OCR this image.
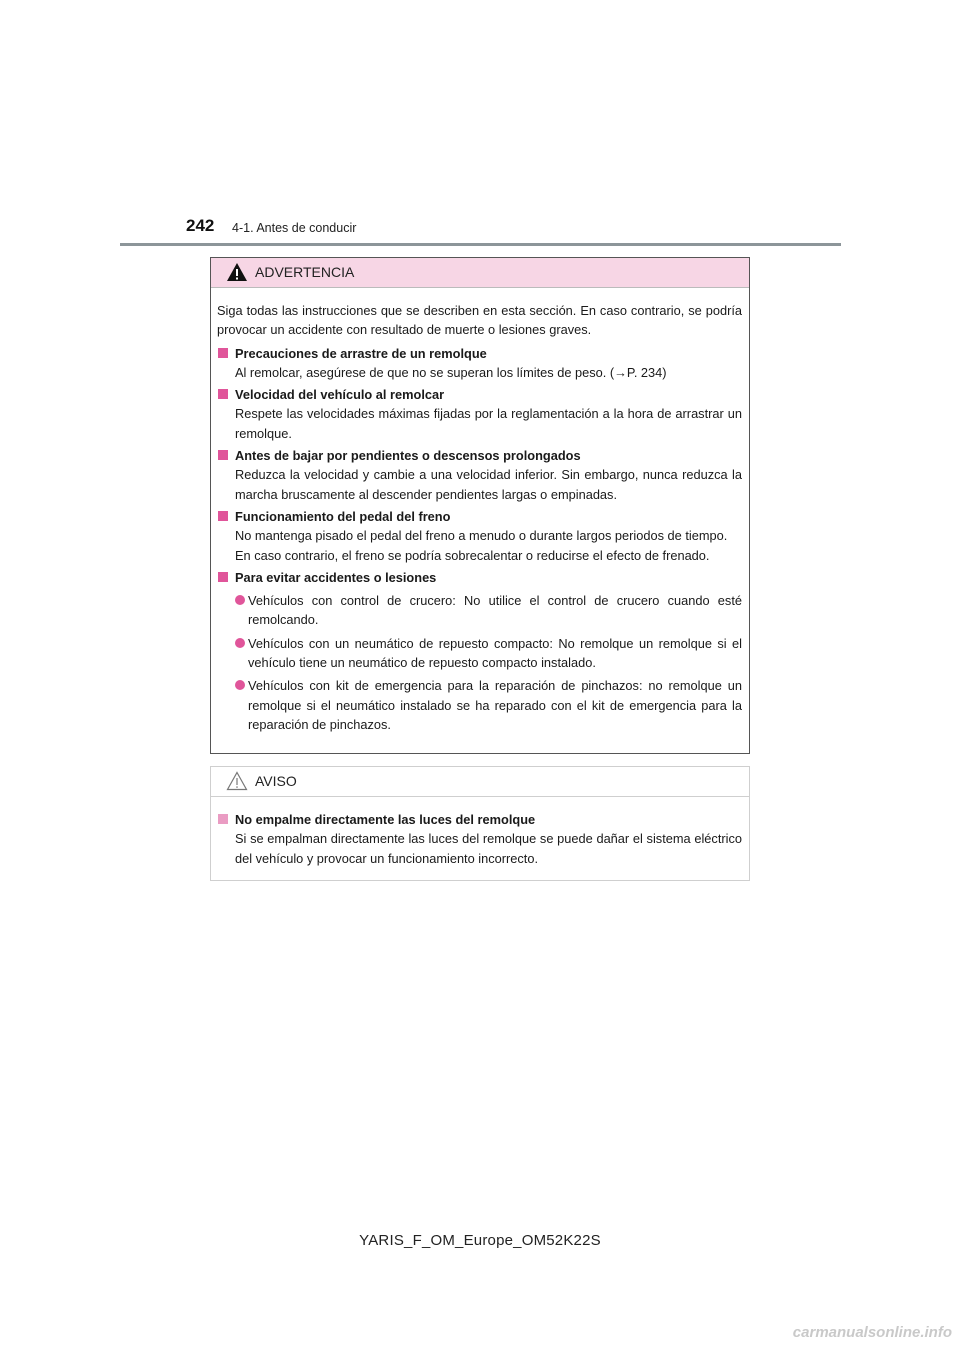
242 4-1. Antes de conducir
ADVERTENCIA

Siga todas las instrucciones que se describen en esta sección. En caso contrario, se podría provocar un accidente con resultado de muerte o lesiones graves.

Precauciones de arrastre de un remolque
Al remolcar, asegúrese de que no se superan los límites de peso. (→P. 234)
Velocidad del vehículo al remolcar
Respete las velocidades máximas fijadas por la reglamentación a la hora de arrastrar un remolque.
Antes de bajar por pendientes o descensos prolongados
Reduzca la velocidad y cambie a una velocidad inferior. Sin embargo, nunca reduzca la marcha bruscamente al descender pendientes largas o empinadas.
Funcionamiento del pedal del freno
No mantenga pisado el pedal del freno a menudo o durante largos periodos de tiempo.
En caso contrario, el freno se podría sobrecalentar o reducirse el efecto de frenado.
Para evitar accidentes o lesiones
Vehículos con control de crucero: No utilice el control de crucero cuando esté remolcando.
Vehículos con un neumático de repuesto compacto: No remolque un remolque si el vehículo tiene un neumático de repuesto compacto instalado.
Vehículos con kit de emergencia para la reparación de pinchazos: no remolque un remolque si el neumático instalado se ha reparado con el kit de emergencia para la reparación de pinchazos.
AVISO
No empalme directamente las luces del remolque
Si se empalman directamente las luces del remolque se puede dañar el sistema eléctrico del vehículo y provocar un funcionamiento incorrecto.
YARIS_F_OM_Europe_OM52K22S
carmanualsonline.info
